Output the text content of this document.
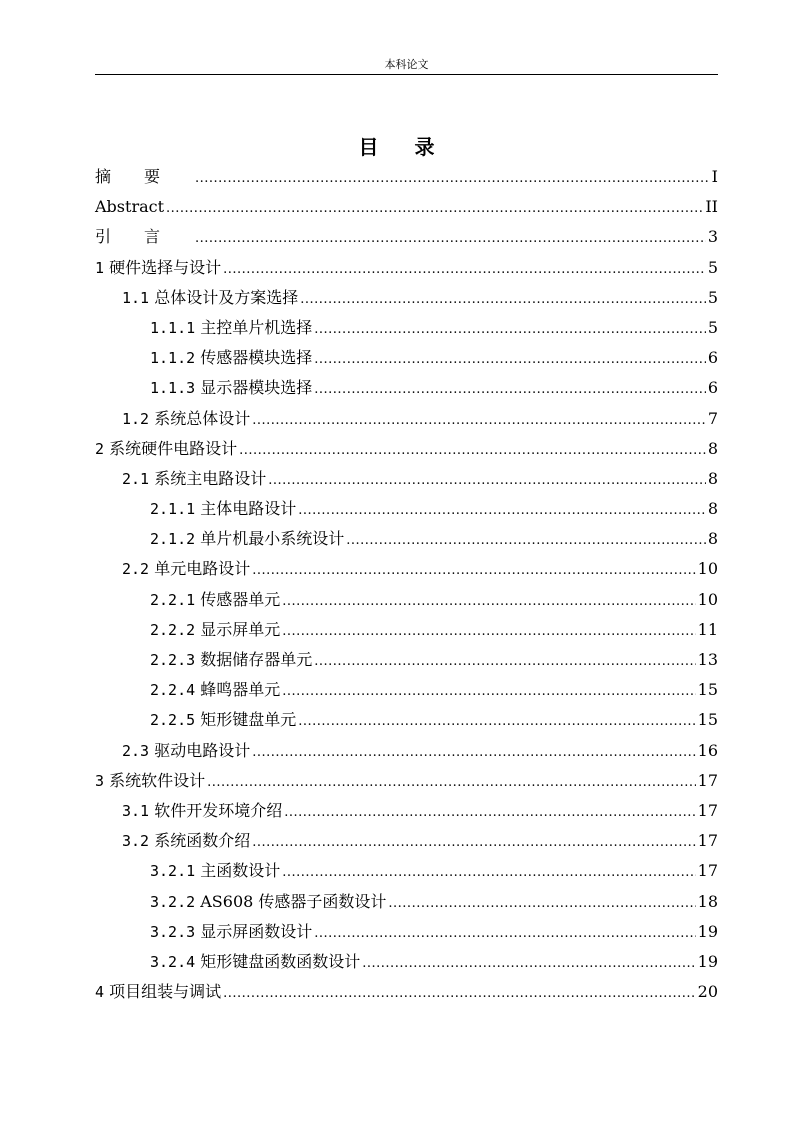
本科论文
目录
摘要 .....	I
Abstract .....	II
引言 .....	3
1 硬件选择与设计 .....	5
1.1 总体设计及方案选择 .....	5
1.1.1 主控单片机选择 .....	5
1.1.2 传感器模块选择 .....	6
1.1.3 显示器模块选择 .....	6
1.2 系统总体设计 .....	7
2 系统硬件电路设计 .....	8
2.1 系统主电路设计 .....	8
2.1.1 主体电路设计 .....	8
2.1.2 单片机最小系统设计 .....	8
2.2 单元电路设计 .....	10
2.2.1 传感器单元 .....	10
2.2.2 显示屏单元 .....	11
2.2.3 数据储存器单元 .....	13
2.2.4 蜂鸣器单元 .....	15
2.2.5 矩形键盘单元 .....	15
2.3 驱动电路设计 .....	16
3 系统软件设计 .....	17
3.1 软件开发环境介绍 .....	17
3.2 系统函数介绍 .....	17
3.2.1 主函数设计 .....	17
3.2.2 AS608 传感器子函数设计 .....	18
3.2.3 显示屏函数设计 .....	19
3.2.4 矩形键盘函数函数设计 .....	19
4 项目组装与调试 .....	20
